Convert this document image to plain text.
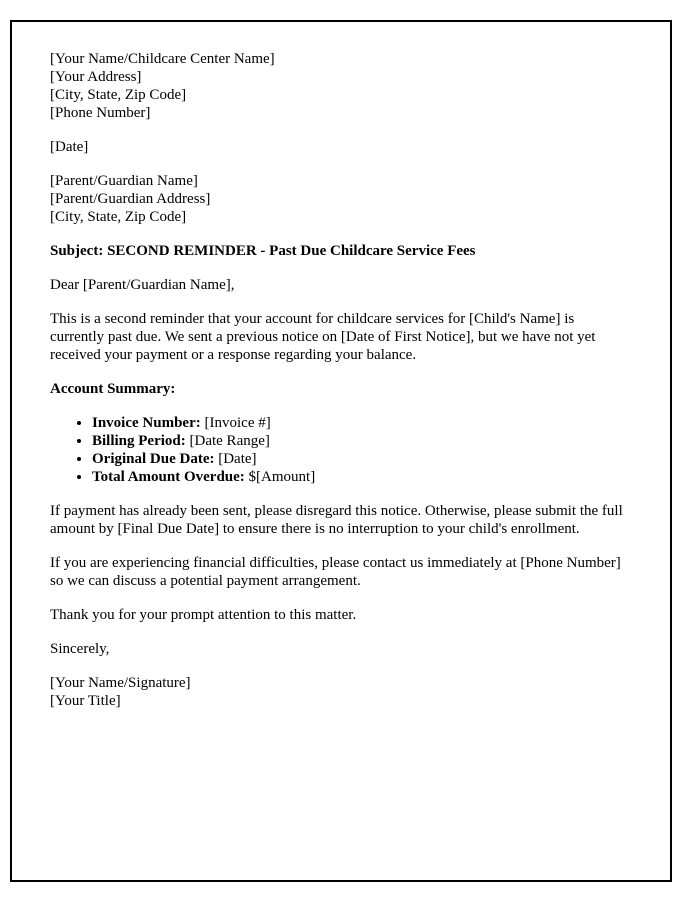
[Your Name/Childcare Center Name]
[Your Address]
[City, State, Zip Code]
[Phone Number]

[Date]

[Parent/Guardian Name]
[Parent/Guardian Address]
[City, State, Zip Code]

Subject: SECOND REMINDER - Past Due Childcare Service Fees

Dear [Parent/Guardian Name],

This is a second reminder that your account for childcare services for [Child's Name] is currently past due. We sent a previous notice on [Date of First Notice], but we have not yet received your payment or a response regarding your balance.

Account Summary:

• Invoice Number: [Invoice #]
• Billing Period: [Date Range]
• Original Due Date: [Date]
• Total Amount Overdue: $[Amount]

If payment has already been sent, please disregard this notice. Otherwise, please submit the full amount by [Final Due Date] to ensure there is no interruption to your child's enrollment.

If you are experiencing financial difficulties, please contact us immediately at [Phone Number] so we can discuss a potential payment arrangement.

Thank you for your prompt attention to this matter.

Sincerely,

[Your Name/Signature]
[Your Title]
